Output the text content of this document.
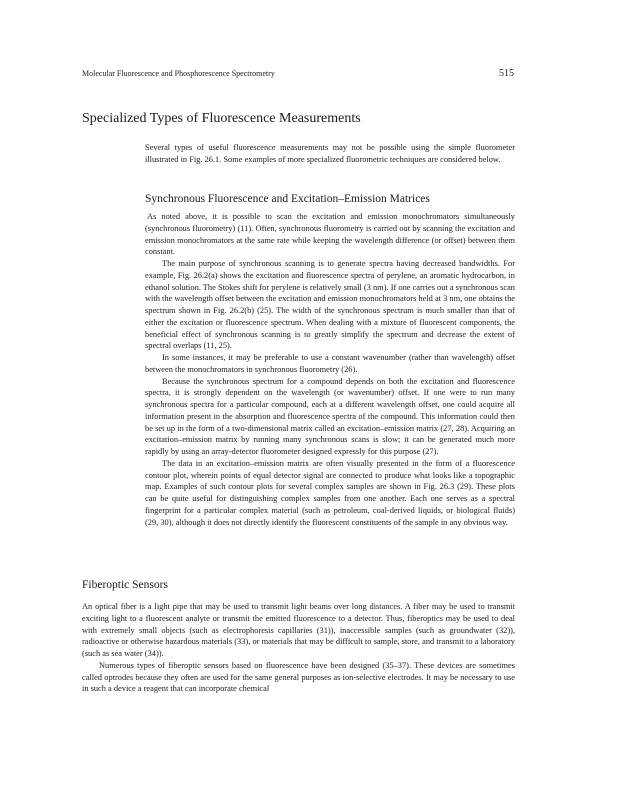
Molecular Fluorescence and Phosphorescence Spectrometry	515
Specialized Types of Fluorescence Measurements

Several types of useful fluorescence measurements may not be possible using the simple fluorometer illustrated in Fig. 26.1. Some examples of more specialized fluorometric techniques are considered below.

Synchronous Fluorescence and Excitation–Emission Matrices

As noted above, it is possible to scan the excitation and emission monochromators simultaneously (synchronous fluorometry) (11). Often, synchronous fluorometry is carried out by scanning the excitation and emission monochromators at the same rate while keeping the wavelength difference (or offset) between them constant.

The main purpose of synchronous scanning is to generate spectra having decreased bandwidths. For example, Fig. 26.2(a) shows the excitation and fluorescence spectra of perylene, an aromatic hydrocarbon, in ethanol solution. The Stokes shift for perylene is relatively small (3 nm). If one carries out a synchronous scan with the wavelength offset between the excitation and emission monochromators held at 3 nm, one obtains the spectrum shown in Fig. 26.2(b) (25). The width of the synchronous spectrum is much smaller than that of either the excitation or fluorescence spectrum. When dealing with a mixture of fluorescent components, the beneficial effect of synchronous scanning is to greatly simplify the spectrum and decrease the extent of spectral overlaps (11, 25).

In some instances, it may be preferable to use a constant wavenumber (rather than wavelength) offset between the monochromators in synchronous fluorometry (26).

Because the synchronous spectrum for a compound depends on both the excitation and fluorescence spectra, it is strongly dependent on the wavelength (or wavenumber) offset. If one were to run many synchronous spectra for a particular compound, each at a different wavelength offset, one could acquire all information present in the absorption and fluorescence spectra of the compound. This information could then be set up in the form of a two-dimensional matrix called an excitation–emission matrix (27, 28). Acquiring an excitation–emission matrix by running many synchronous scans is slow; it can be generated much more rapidly by using an array-detector fluorometer designed expressly for this purpose (27).

The data in an excitation–emission matrix are often visually presented in the form of a fluorescence contour plot, wherein points of equal detector signal are connected to produce what looks like a topographic map. Examples of such contour plots for several complex samples are shown in Fig. 26.3 (29). These plots can be quite useful for distinguishing complex samples from one another. Each one serves as a spectral fingerprint for a particular complex material (such as petroleum, coal-derived liquids, or biological fluids) (29, 30), although it does not directly identify the fluorescent constituents of the sample in any obvious way.

Fiberoptic Sensors

An optical fiber is a light pipe that may be used to transmit light beams over long distances. A fiber may be used to transmit exciting light to a fluorescent analyte or transmit the emitted fluorescence to a detector. Thus, fiberoptics may be used to deal with extremely small objects (such as electrophoresis capillaries (31)), inaccessible samples (such as groundwater (32)), radioactive or otherwise hazardous materials (33), or materials that may be difficult to sample, store, and transmit to a laboratory (such as sea water (34)).

Numerous types of fiberoptic sensors based on fluorescence have been designed (35–37). These devices are sometimes called optrodes because they often are used for the same general purposes as ion-selective electrodes. It may be necessary to use in such a device a reagent that can incorporate chemical
